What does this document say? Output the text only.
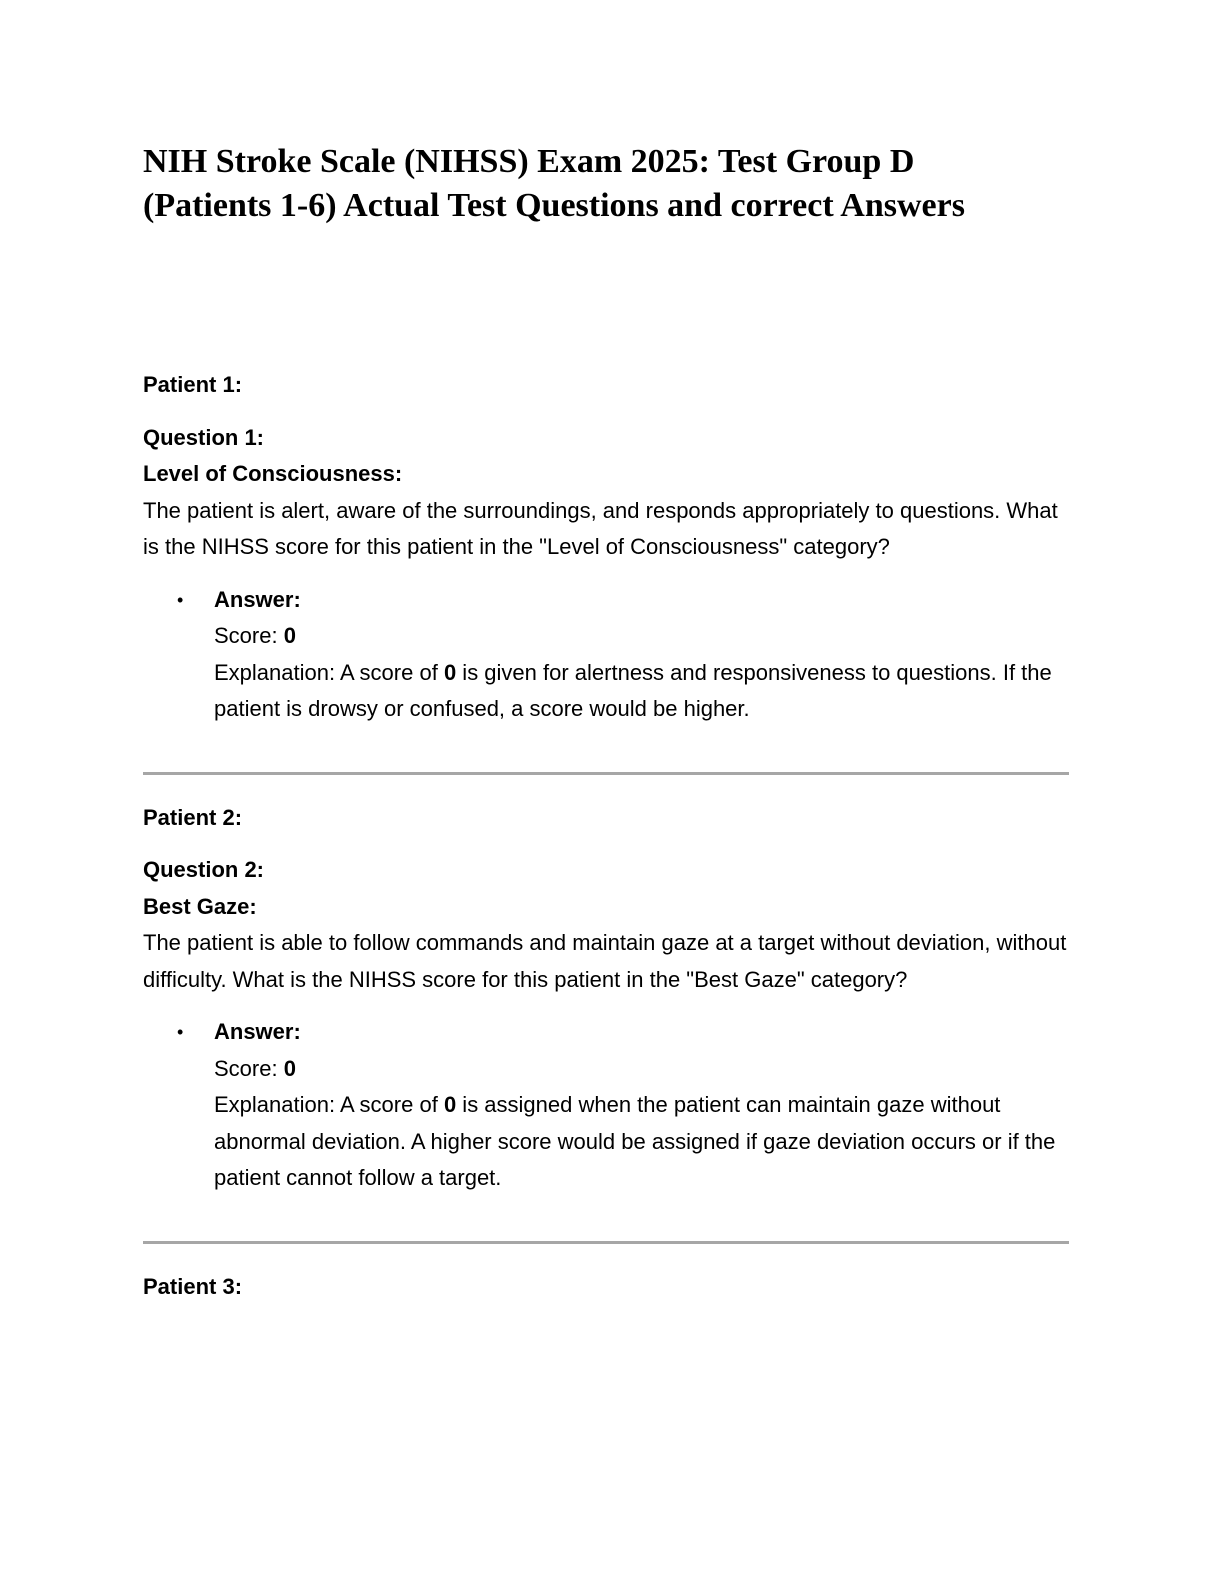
NIH Stroke Scale (NIHSS) Exam 2025: Test Group D
(Patients 1-6) Actual Test Questions and correct Answers

Patient 1:

Question 1:

Level of Consciousness:

The patient is alert, aware of the surroundings, and responds appropriately to questions. What is the NIHSS score for this patient in the "Level of Consciousness" category?

• Answer:
Score: 0
Explanation: A score of 0 is given for alertness and responsiveness to questions. If the patient is drowsy or confused, a score would be higher.

Patient 2:

Question 2:

Best Gaze:

The patient is able to follow commands and maintain gaze at a target without deviation, without difficulty. What is the NIHSS score for this patient in the "Best Gaze" category?

• Answer:
Score: 0
Explanation: A score of 0 is assigned when the patient can maintain gaze without abnormal deviation. A higher score would be assigned if gaze deviation occurs or if the patient cannot follow a target.

Patient 3:
